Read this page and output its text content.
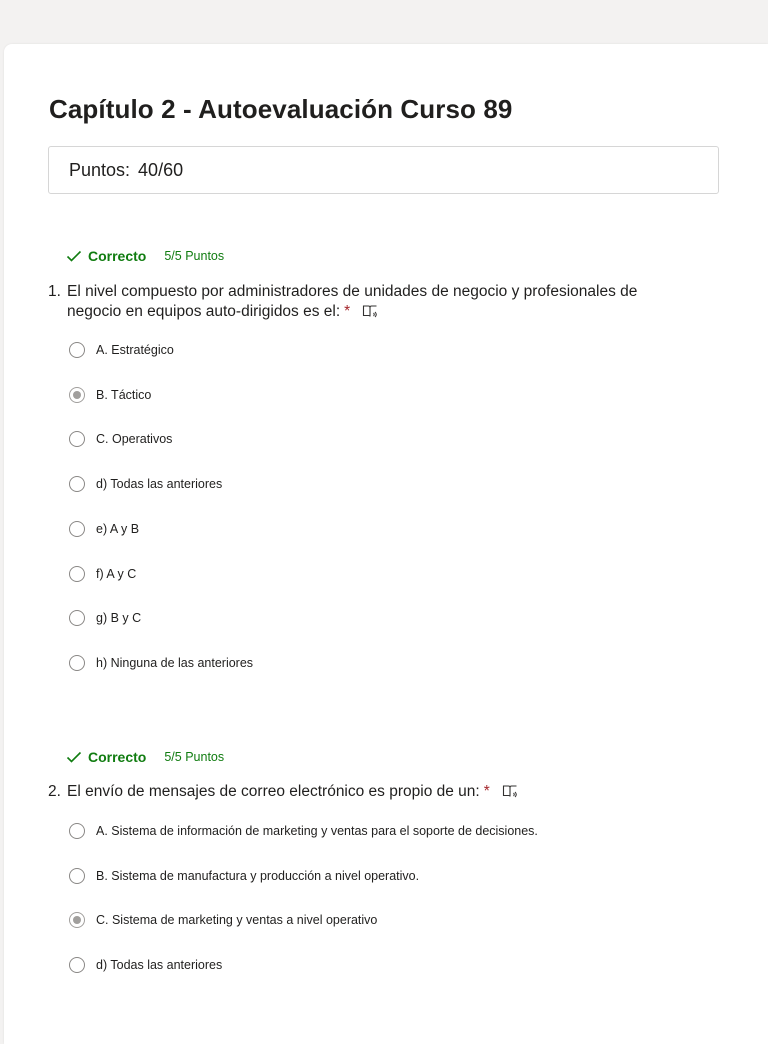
Capítulo 2 - Autoevaluación Curso 89
Puntos: 40/60
Correcto 5/5 Puntos
1. El nivel compuesto por administradores de unidades de negocio y profesionales de
negocio en equipos auto-dirigidos es el: *
A. Estratégico
B. Táctico
C. Operativos
d) Todas las anteriores
e) A y B
f) A y C
g) B y C
h) Ninguna de las anteriores
Correcto 5/5 Puntos
2. El envío de mensajes de correo electrónico es propio de un: *
A. Sistema de información de marketing y ventas para el soporte de decisiones.
B. Sistema de manufactura y producción a nivel operativo.
C. Sistema de marketing y ventas a nivel operativo
d) Todas las anteriores
